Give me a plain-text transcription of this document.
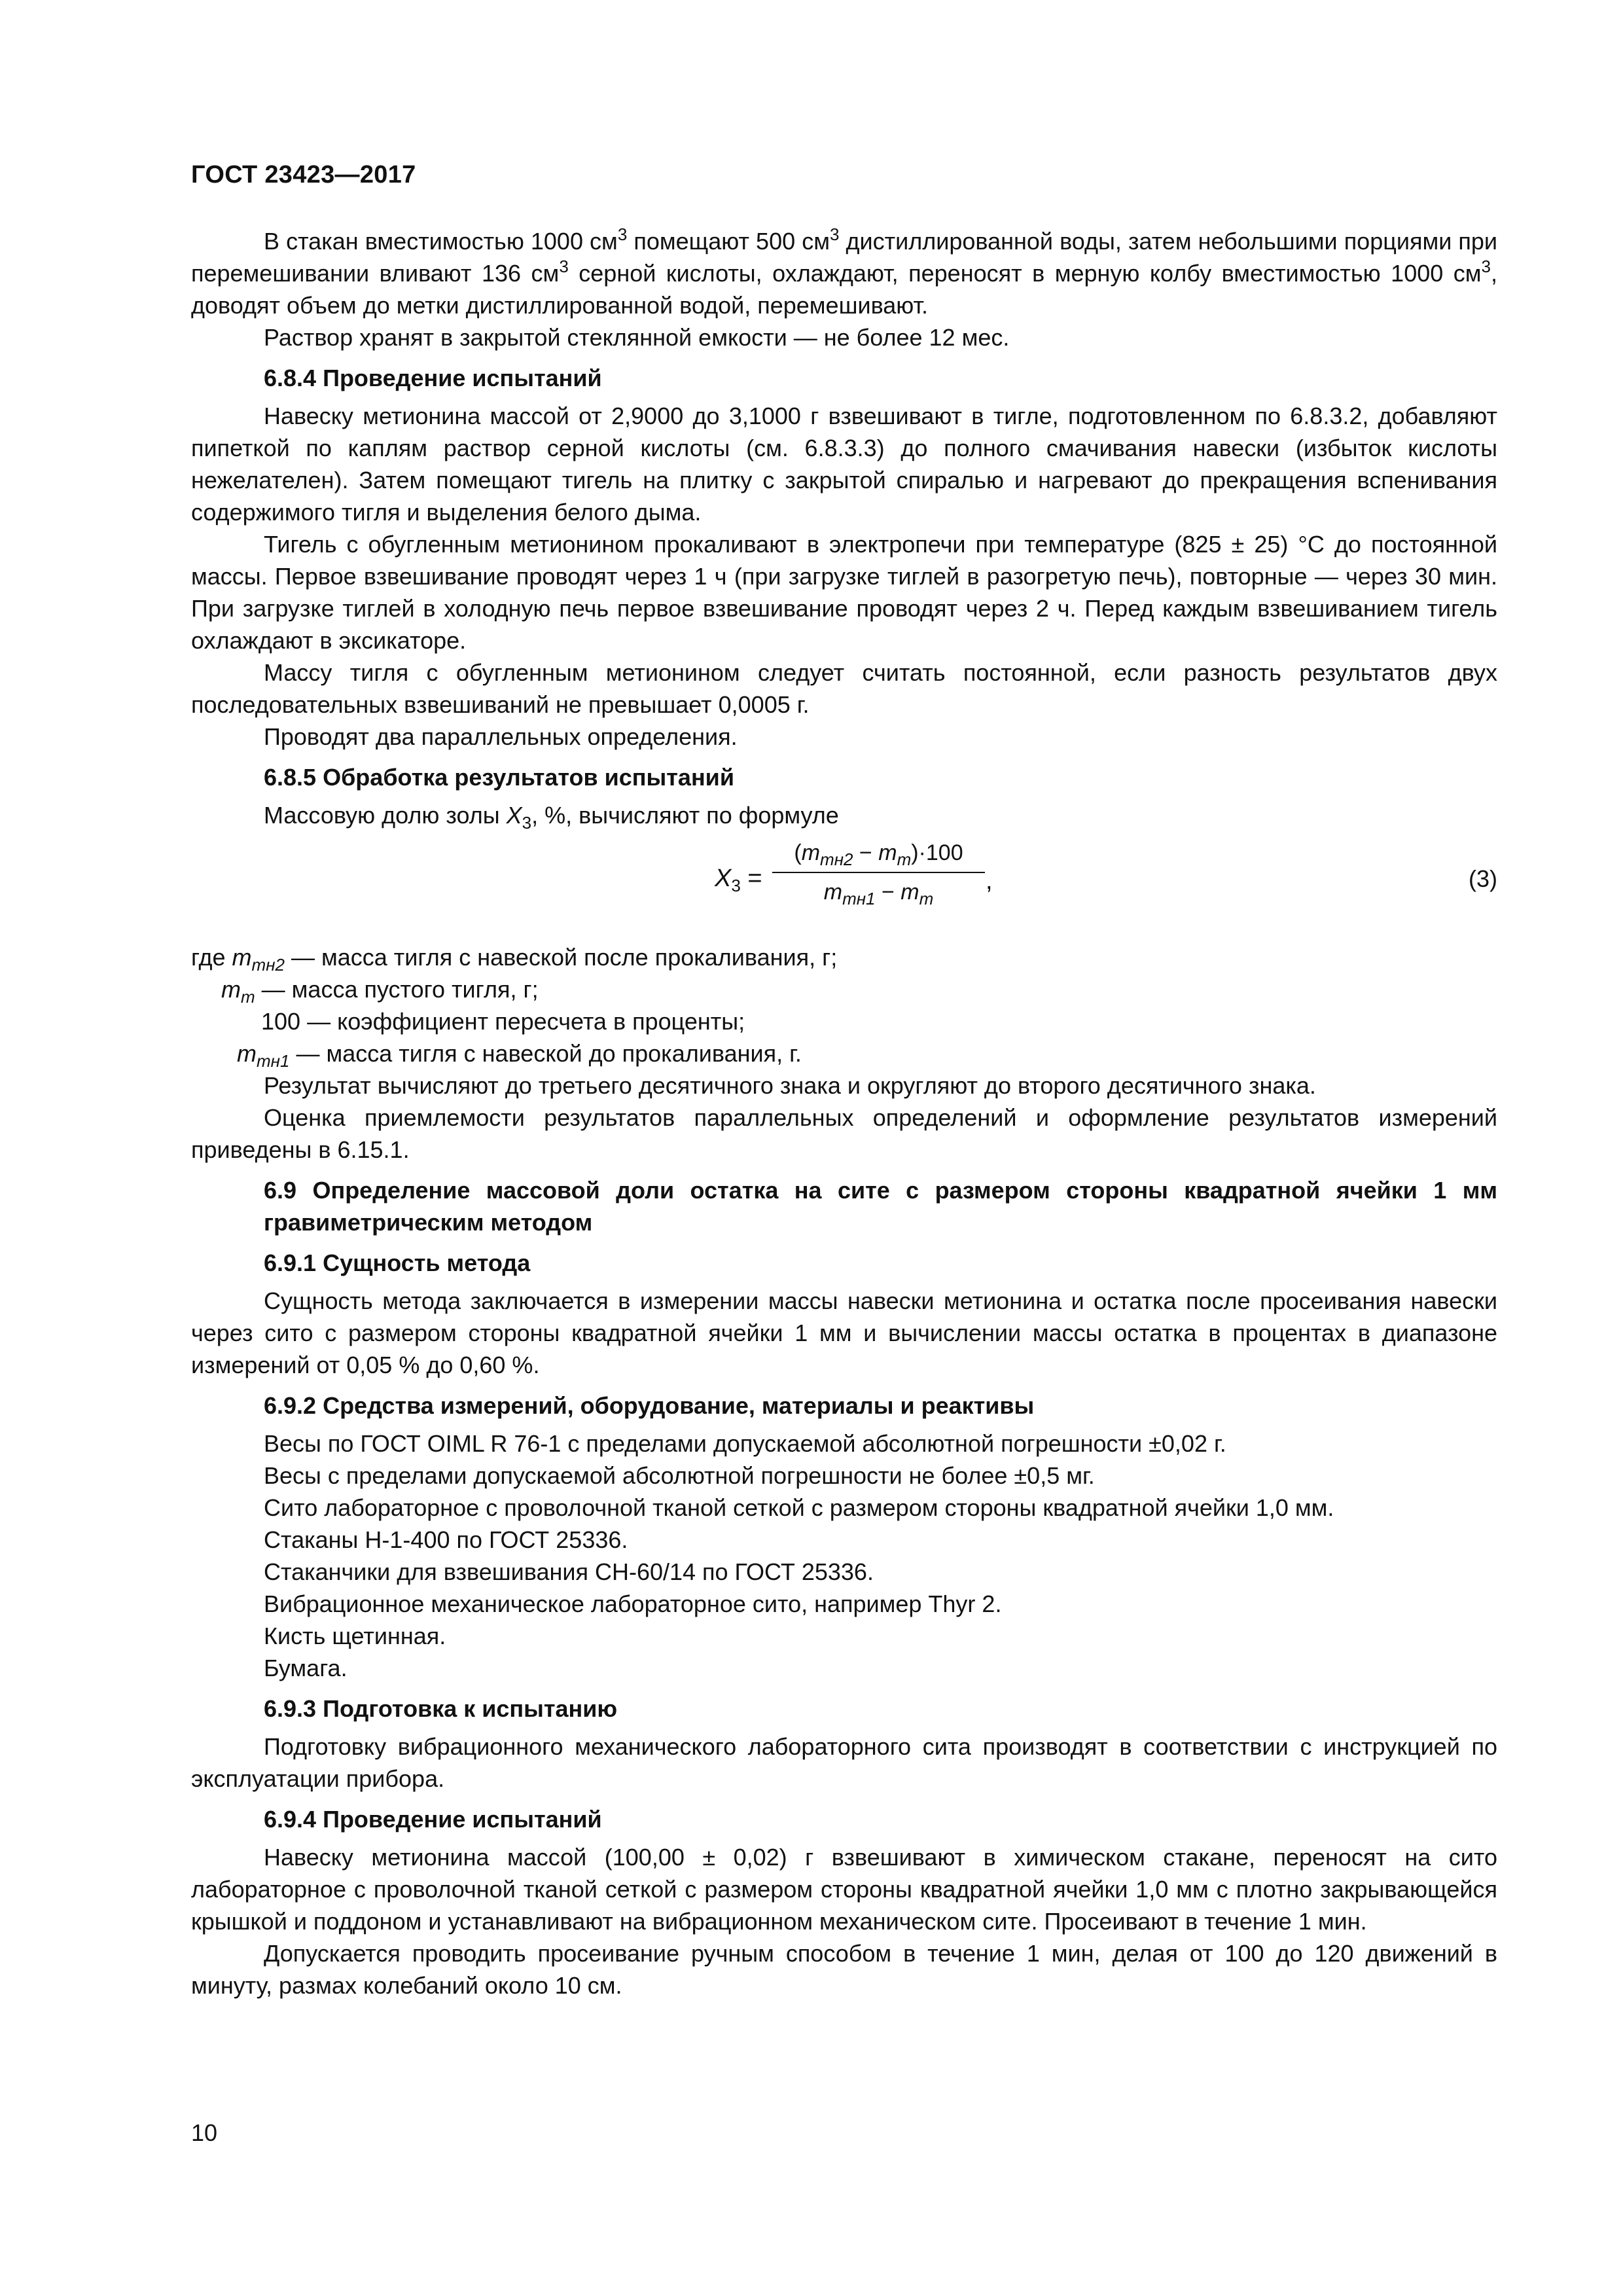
ГОСТ 23423—2017

В стакан вместимостью 1000 $см^3$ помещают 500 $см^3$ дистиллированной воды, затем небольшими порциями при перемешивании вливают 136 $см^3$ серной кислоты, охлаждают, переносят в мерную колбу вместимостью 1000 $см^3$, доводят объем до метки дистиллированной водой, перемешивают.

Раствор хранят в закрытой стеклянной емкости — не более 12 мес.

6.8.4 Проведение испытаний

Навеску метионина массой от 2,9000 до 3,1000 г взвешивают в тигле, подготовленном по 6.8.3.2, добавляют пипеткой по каплям раствор серной кислоты (см. 6.8.3.3) до полного смачивания навески (избыток кислоты нежелателен). Затем помещают тигель на плитку с закрытой спиралью и нагревают до прекращения вспенивания содержимого тигля и выделения белого дыма.

Тигель с обугленным метионином прокаливают в электропечи при температуре (825 ± 25) °С до постоянной массы. Первое взвешивание проводят через 1 ч (при загрузке тиглей в разогретую печь), повторные — через 30 мин. При загрузке тиглей в холодную печь первое взвешивание проводят через 2 ч. Перед каждым взвешиванием тигель охлаждают в эксикаторе.

Массу тигля с обугленным метионином следует считать постоянной, если разность результатов двух последовательных взвешиваний не превышает 0,0005 г.

Проводят два параллельных определения.

6.8.5 Обработка результатов испытаний

Массовую долю золы $X_3$, %, вычисляют по формуле

$X_3$ =
$(m_{mн2} - m_m)\cdot 100$
$m_{mн1} - m_m$
,	(3)
где $m_{mн2}$ — масса тигля с навеской после прокаливания, г;
$m_m$ — масса пустого тигля, г;
100 — коэффициент пересчета в проценты;
$m_{mн1}$ — масса тигля с навеской до прокаливания, г.

Результат вычисляют до третьего десятичного знака и округляют до второго десятичного знака.

Оценка приемлемости результатов параллельных определений и оформление результатов измерений приведены в 6.15.1.

6.9 Определение массовой доли остатка на сите с размером стороны квадратной ячейки 1 мм гравиметрическим методом

6.9.1 Сущность метода

Сущность метода заключается в измерении массы навески метионина и остатка после просеивания навески через сито с размером стороны квадратной ячейки 1 мм и вычислении массы остатка в процентах в диапазоне измерений от 0,05 % до 0,60 %.

6.9.2 Средства измерений, оборудование, материалы и реактивы

Весы по ГОСТ OIML R 76-1 с пределами допускаемой абсолютной погрешности ±0,02 г.

Весы с пределами допускаемой абсолютной погрешности не более ±0,5 мг.

Сито лабораторное с проволочной тканой сеткой с размером стороны квадратной ячейки 1,0 мм.

Стаканы Н-1-400 по ГОСТ 25336.

Стаканчики для взвешивания СН-60/14 по ГОСТ 25336.

Вибрационное механическое лабораторное сито, например Thyr 2.

Кисть щетинная.

Бумага.

6.9.3 Подготовка к испытанию

Подготовку вибрационного механического лабораторного сита производят в соответствии с инструкцией по эксплуатации прибора.

6.9.4 Проведение испытаний

Навеску метионина массой (100,00 ± 0,02) г взвешивают в химическом стакане, переносят на сито лабораторное с проволочной тканой сеткой с размером стороны квадратной ячейки 1,0 мм с плотно закрывающейся крышкой и поддоном и устанавливают на вибрационном механическом сите. Просеивают в течение 1 мин.

Допускается проводить просеивание ручным способом в течение 1 мин, делая от 100 до 120 движений в минуту, размах колебаний около 10 см.

10
